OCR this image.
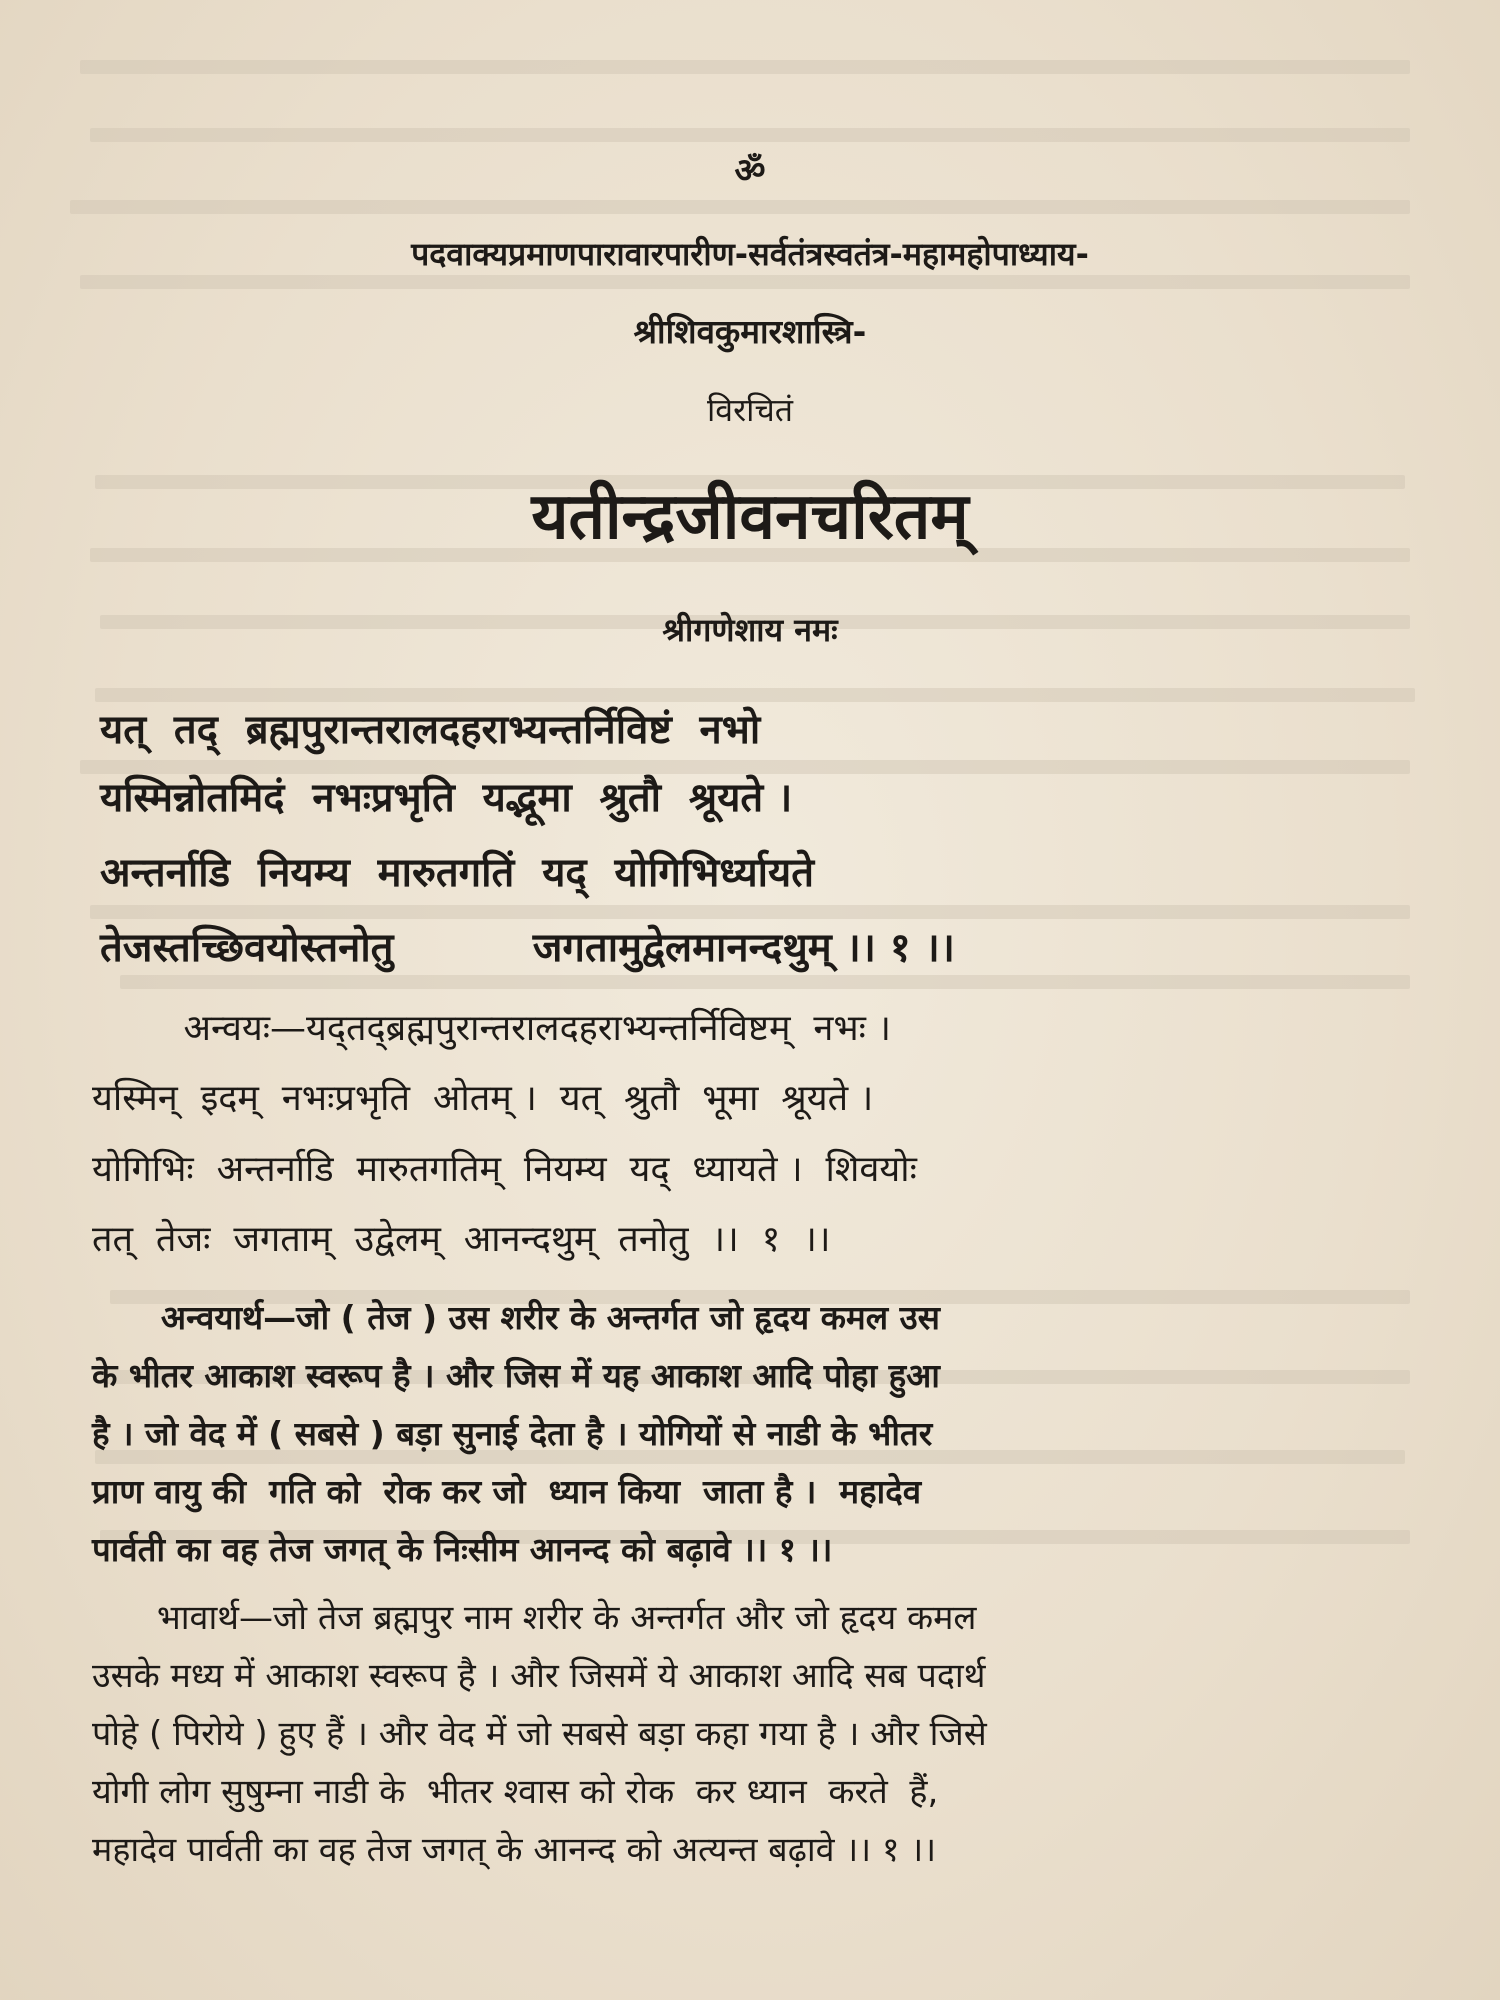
ॐ
पदवाक्यप्रमाणपारावारपारीण-सर्वतंत्रस्वतंत्र-महामहोपाध्याय-
श्रीशिवकुमारशास्त्रि-
विरचितं
यतीन्द्रजीवनचरितम्
श्रीगणेशाय नमः
यत्  तद्  ब्रह्मपुरान्तरालदहराभ्यन्तर्निविष्टं  नभो
यस्मिन्नोतमिदं  नभःप्रभृति  यद्भूमा  श्रुतौ  श्रूयते ।
अन्तर्नाडि  नियम्य  मारुतगतिं  यद्  योगिभिर्ध्यायते
तेजस्तच्छिवयोस्तनोतु          जगतामुद्वेलमानन्दथुम् ।। १ ।।
अन्वयः—यद्तद्ब्रह्मपुरान्तरालदहराभ्यन्तर्निविष्टम्  नभः ।
यस्मिन्  इदम्  नभःप्रभृति  ओतम् ।  यत्  श्रुतौ  भूमा  श्रूयते ।
योगिभिः  अन्तर्नाडि  मारुतगतिम्  नियम्य  यद्  ध्यायते ।  शिवयोः
तत्  तेजः  जगताम्  उद्वेलम्  आनन्दथुम्  तनोतु  ।।  १  ।।
अन्वयार्थ—जो ( तेज ) उस शरीर के अन्तर्गत जो हृदय कमल उस
के भीतर आकाश स्वरूप है । और जिस में यह आकाश आदि पोहा हुआ
है । जो वेद में ( सबसे ) बड़ा सुनाई देता है । योगियों से नाडी के भीतर
प्राण वायु की  गति को  रोक कर जो  ध्यान किया  जाता है ।  महादेव
पार्वती का वह तेज जगत् के निःसीम आनन्द को बढ़ावे ।। १ ।।
भावार्थ—जो तेज ब्रह्मपुर नाम शरीर के अन्तर्गत और जो हृदय कमल
उसके मध्य में आकाश स्वरूप है । और जिसमें ये आकाश आदि सब पदार्थ
पोहे ( पिरोये ) हुए हैं । और वेद में जो सबसे बड़ा कहा गया है । और जिसे
योगी लोग सुषुम्ना नाडी के  भीतर श्वास को रोक  कर ध्यान  करते  हैं,
महादेव पार्वती का वह तेज जगत् के आनन्द को अत्यन्त बढ़ावे ।। १ ।।
